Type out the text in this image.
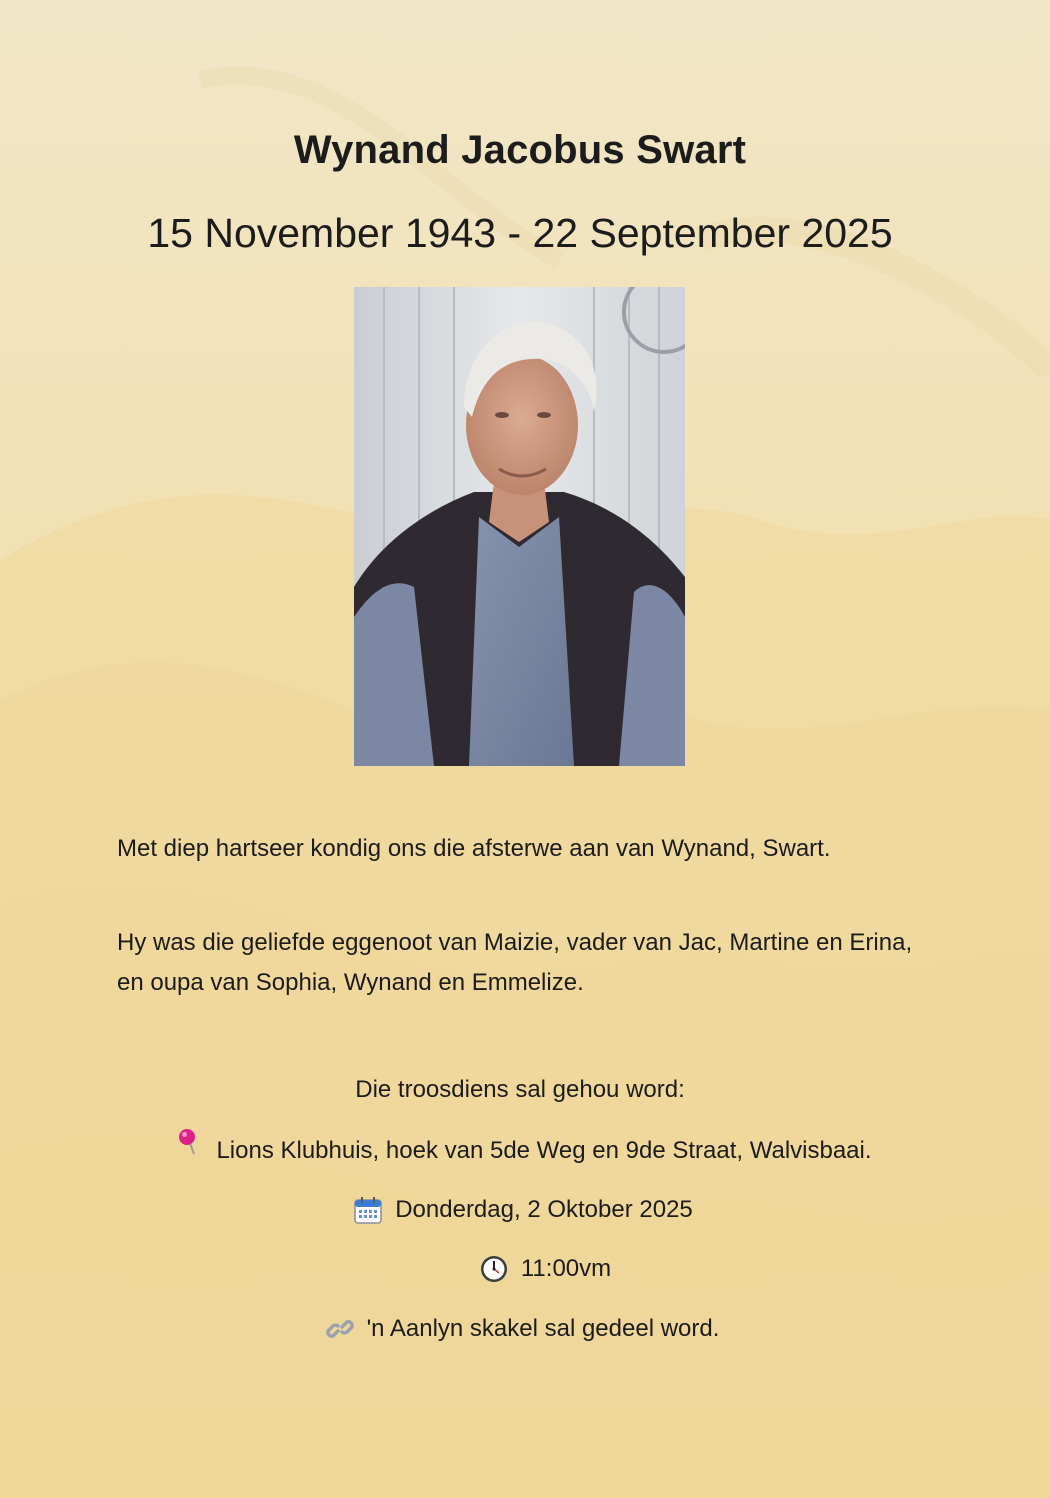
Wynand Jacobus Swart

15 November 1943 - 22 September 2025

Met diep hartseer kondig ons die afsterwe aan van Wynand, Swart.

Hy was die geliefde eggenoot van Maizie, vader van Jac, Martine en Erina, en oupa van Sophia, Wynand en Emmelize.

Die troosdiens sal gehou word:

Lions Klubhuis, hoek van 5de Weg en 9de Straat, Walvisbaai.
Donderdag, 2 Oktober 2025
11:00vm
'n Aanlyn skakel sal gedeel word.
